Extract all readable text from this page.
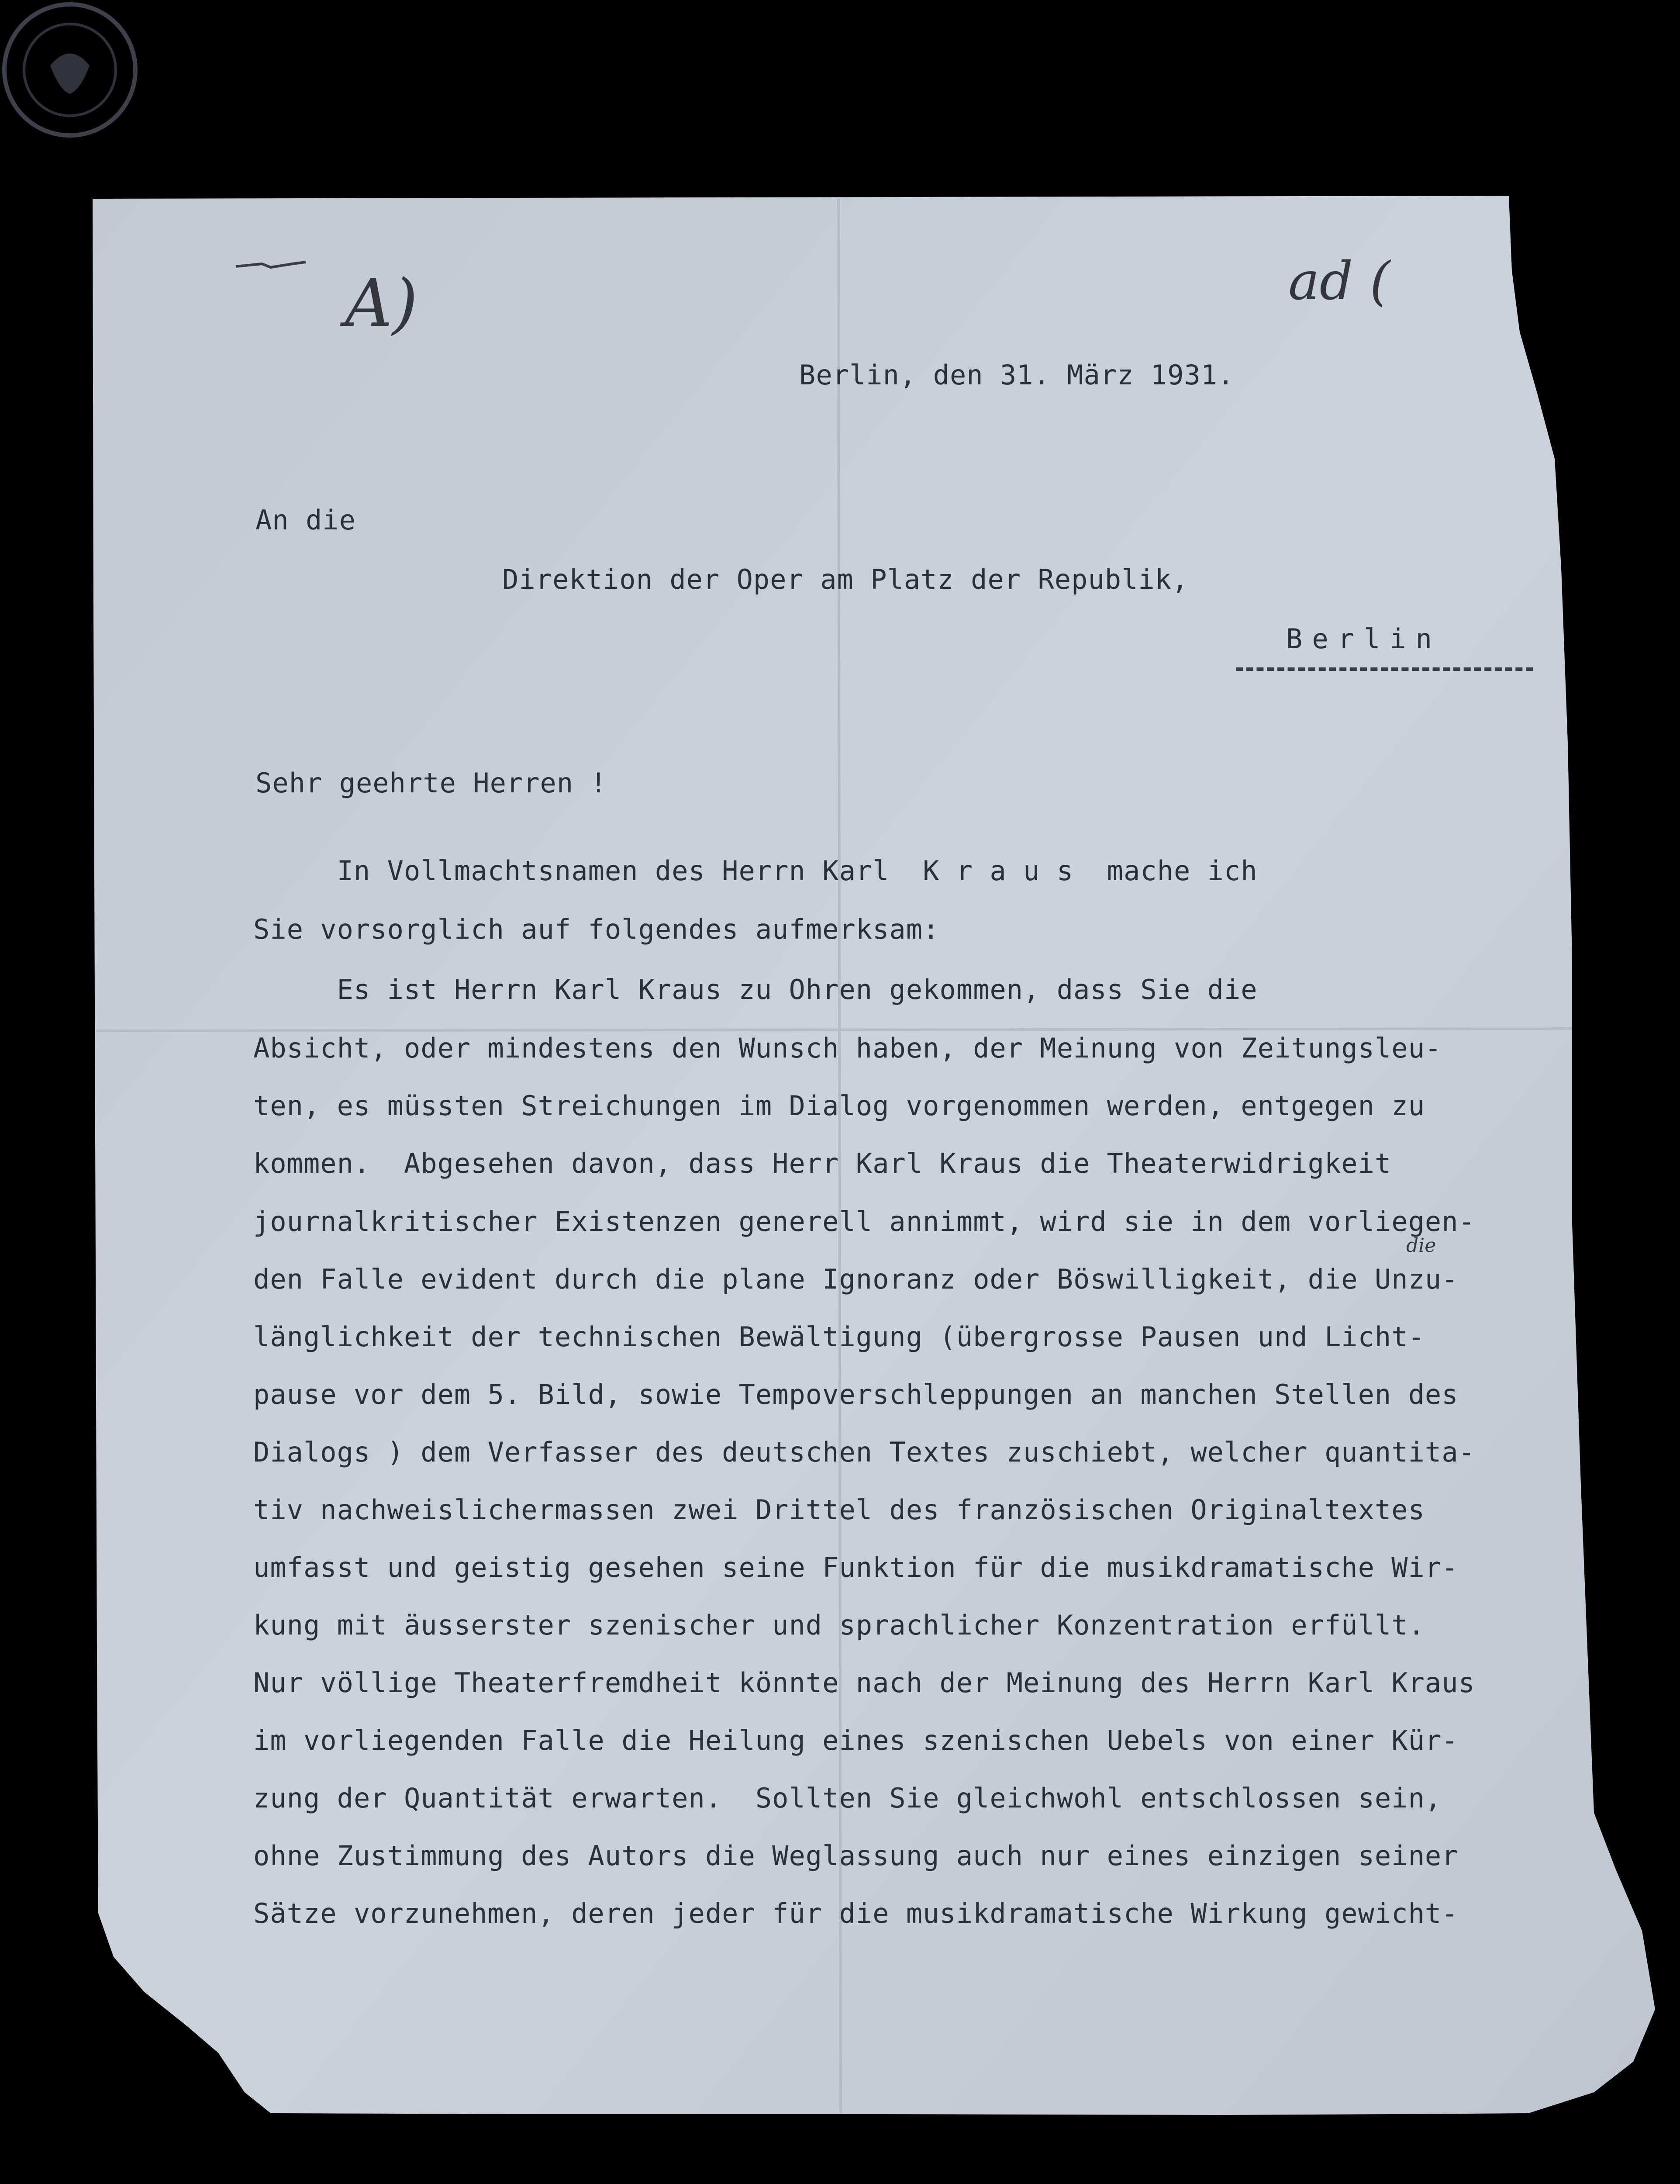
A)	ad (
Berlin, den 31. März 1931.
An die
Direktion der Oper am Platz der Republik,
Berlin
Sehr geehrte Herren !
In Vollmachtsnamen des Herrn Karl  K r a u s  mache ich
Sie vorsorglich auf folgendes aufmerksam:
Es ist Herrn Karl Kraus zu Ohren gekommen, dass Sie die
Absicht, oder mindestens den Wunsch haben, der Meinung von Zeitungsleu-
ten, es müssten Streichungen im Dialog vorgenommen werden, entgegen zu
kommen.  Abgesehen davon, dass Herr Karl Kraus die Theaterwidrigkeit
journalkritischer Existenzen generell annimmt, wird sie in dem vorliegen-
den Falle evident durch die plane Ignoranz oder Böswilligkeit, die Unzu-
länglichkeit der technischen Bewältigung (übergrosse Pausen und Licht-
pause vor dem 5. Bild, sowie Tempoverschleppungen an manchen Stellen des
Dialogs ) dem Verfasser des deutschen Textes zuschiebt, welcher quantita-
tiv nachweislichermassen zwei Drittel des französischen Originaltextes
umfasst und geistig gesehen seine Funktion für die musikdramatische Wir-
kung mit äusserster szenischer und sprachlicher Konzentration erfüllt.
Nur völlige Theaterfremdheit könnte nach der Meinung des Herrn Karl Kraus
im vorliegenden Falle die Heilung eines szenischen Uebels von einer Kür-
zung der Quantität erwarten.  Sollten Sie gleichwohl entschlossen sein,
ohne Zustimmung des Autors die Weglassung auch nur eines einzigen seiner
Sätze vorzunehmen, deren jeder für die musikdramatische Wirkung gewicht-
die
